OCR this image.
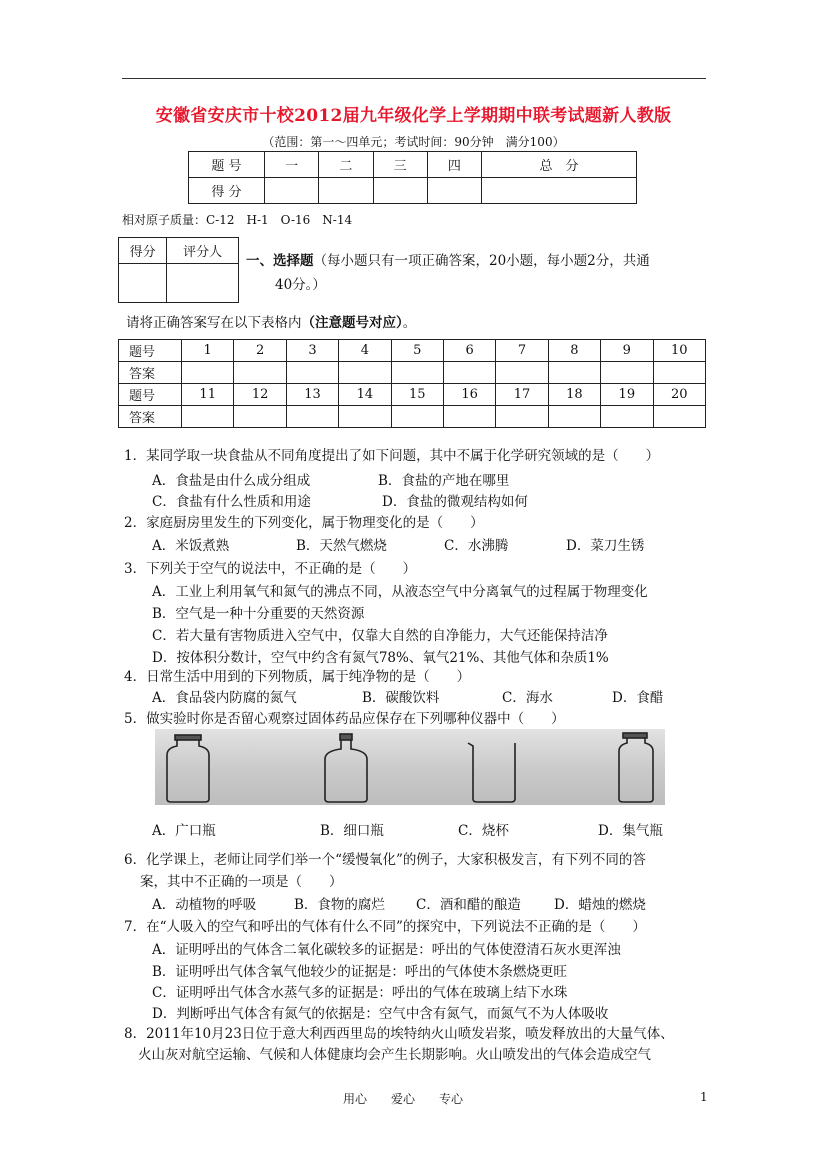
安徽省安庆市十校2012届九年级化学上学期期中联考试题新人教版
（范围：第一～四单元；考试时间：90分钟　满分100）
题 号	一	二	三	四	总　分
得 分					
相对原子质量：C-12　H-1　O-16　N-14
得分	评分人

一、选择题（每小题只有一项正确答案，20小题，每小题2分，共通
40分。）
请将正确答案写在以下表格内（注意题号对应）。
题号	1	2	3	4	5	6	7	8	9	10
答案										
题号	11	12	13	14	15	16	17	18	19	20
答案										
1．某同学取一块食盐从不同角度提出了如下问题，其中不属于化学研究领域的是（　　）
A．食盐是由什么成分组成	B．食盐的产地在哪里
C．食盐有什么性质和用途	D．食盐的微观结构如何
2．家庭厨房里发生的下列变化，属于物理变化的是（　　）
A．米饭煮熟	B．天然气燃烧	C．水沸腾	D．菜刀生锈
3．下列关于空气的说法中，不正确的是（　　）
A．工业上利用氧气和氮气的沸点不同，从液态空气中分离氧气的过程属于物理变化
B．空气是一种十分重要的天然资源
C．若大量有害物质进入空气中，仅靠大自然的自净能力，大气还能保持洁净
D．按体积分数计，空气中约含有氮气78%、氧气21%、其他气体和杂质1%
4．日常生活中用到的下列物质，属于纯净物的是（　　）
A．食品袋内防腐的氮气	B．碳酸饮料	C．海水	D．食醋
5．做实验时你是否留心观察过固体药品应保存在下列哪种仪器中（　　）
A．广口瓶	B．细口瓶	C．烧杯	D．集气瓶
6．化学课上，老师让同学们举一个“缓慢氧化”的例子，大家积极发言，有下列不同的答
案，其中不正确的一项是（　　）
A．动植物的呼吸	B．食物的腐烂 C．酒和醋的酿造 D．蜡烛的燃烧
7．在“人吸入的空气和呼出的气体有什么不同”的探究中，下列说法不正确的是（　　）
A．证明呼出的气体含二氧化碳较多的证据是：呼出的气体使澄清石灰水更浑浊
B．证明呼出气体含氧气他较少的证据是：呼出的气体使木条燃烧更旺
C．证明呼出气体含水蒸气多的证据是：呼出的气体在玻璃上结下水珠
D．判断呼出气体含有氮气的依据是：空气中含有氮气，而氮气不为人体吸收
8．2011年10月23日位于意大利西西里岛的埃特纳火山喷发岩浆，喷发释放出的大量气体、
火山灰对航空运输、气候和人体健康均会产生长期影响。火山喷发出的气体会造成空气
用心　　爱心　　专心	1
